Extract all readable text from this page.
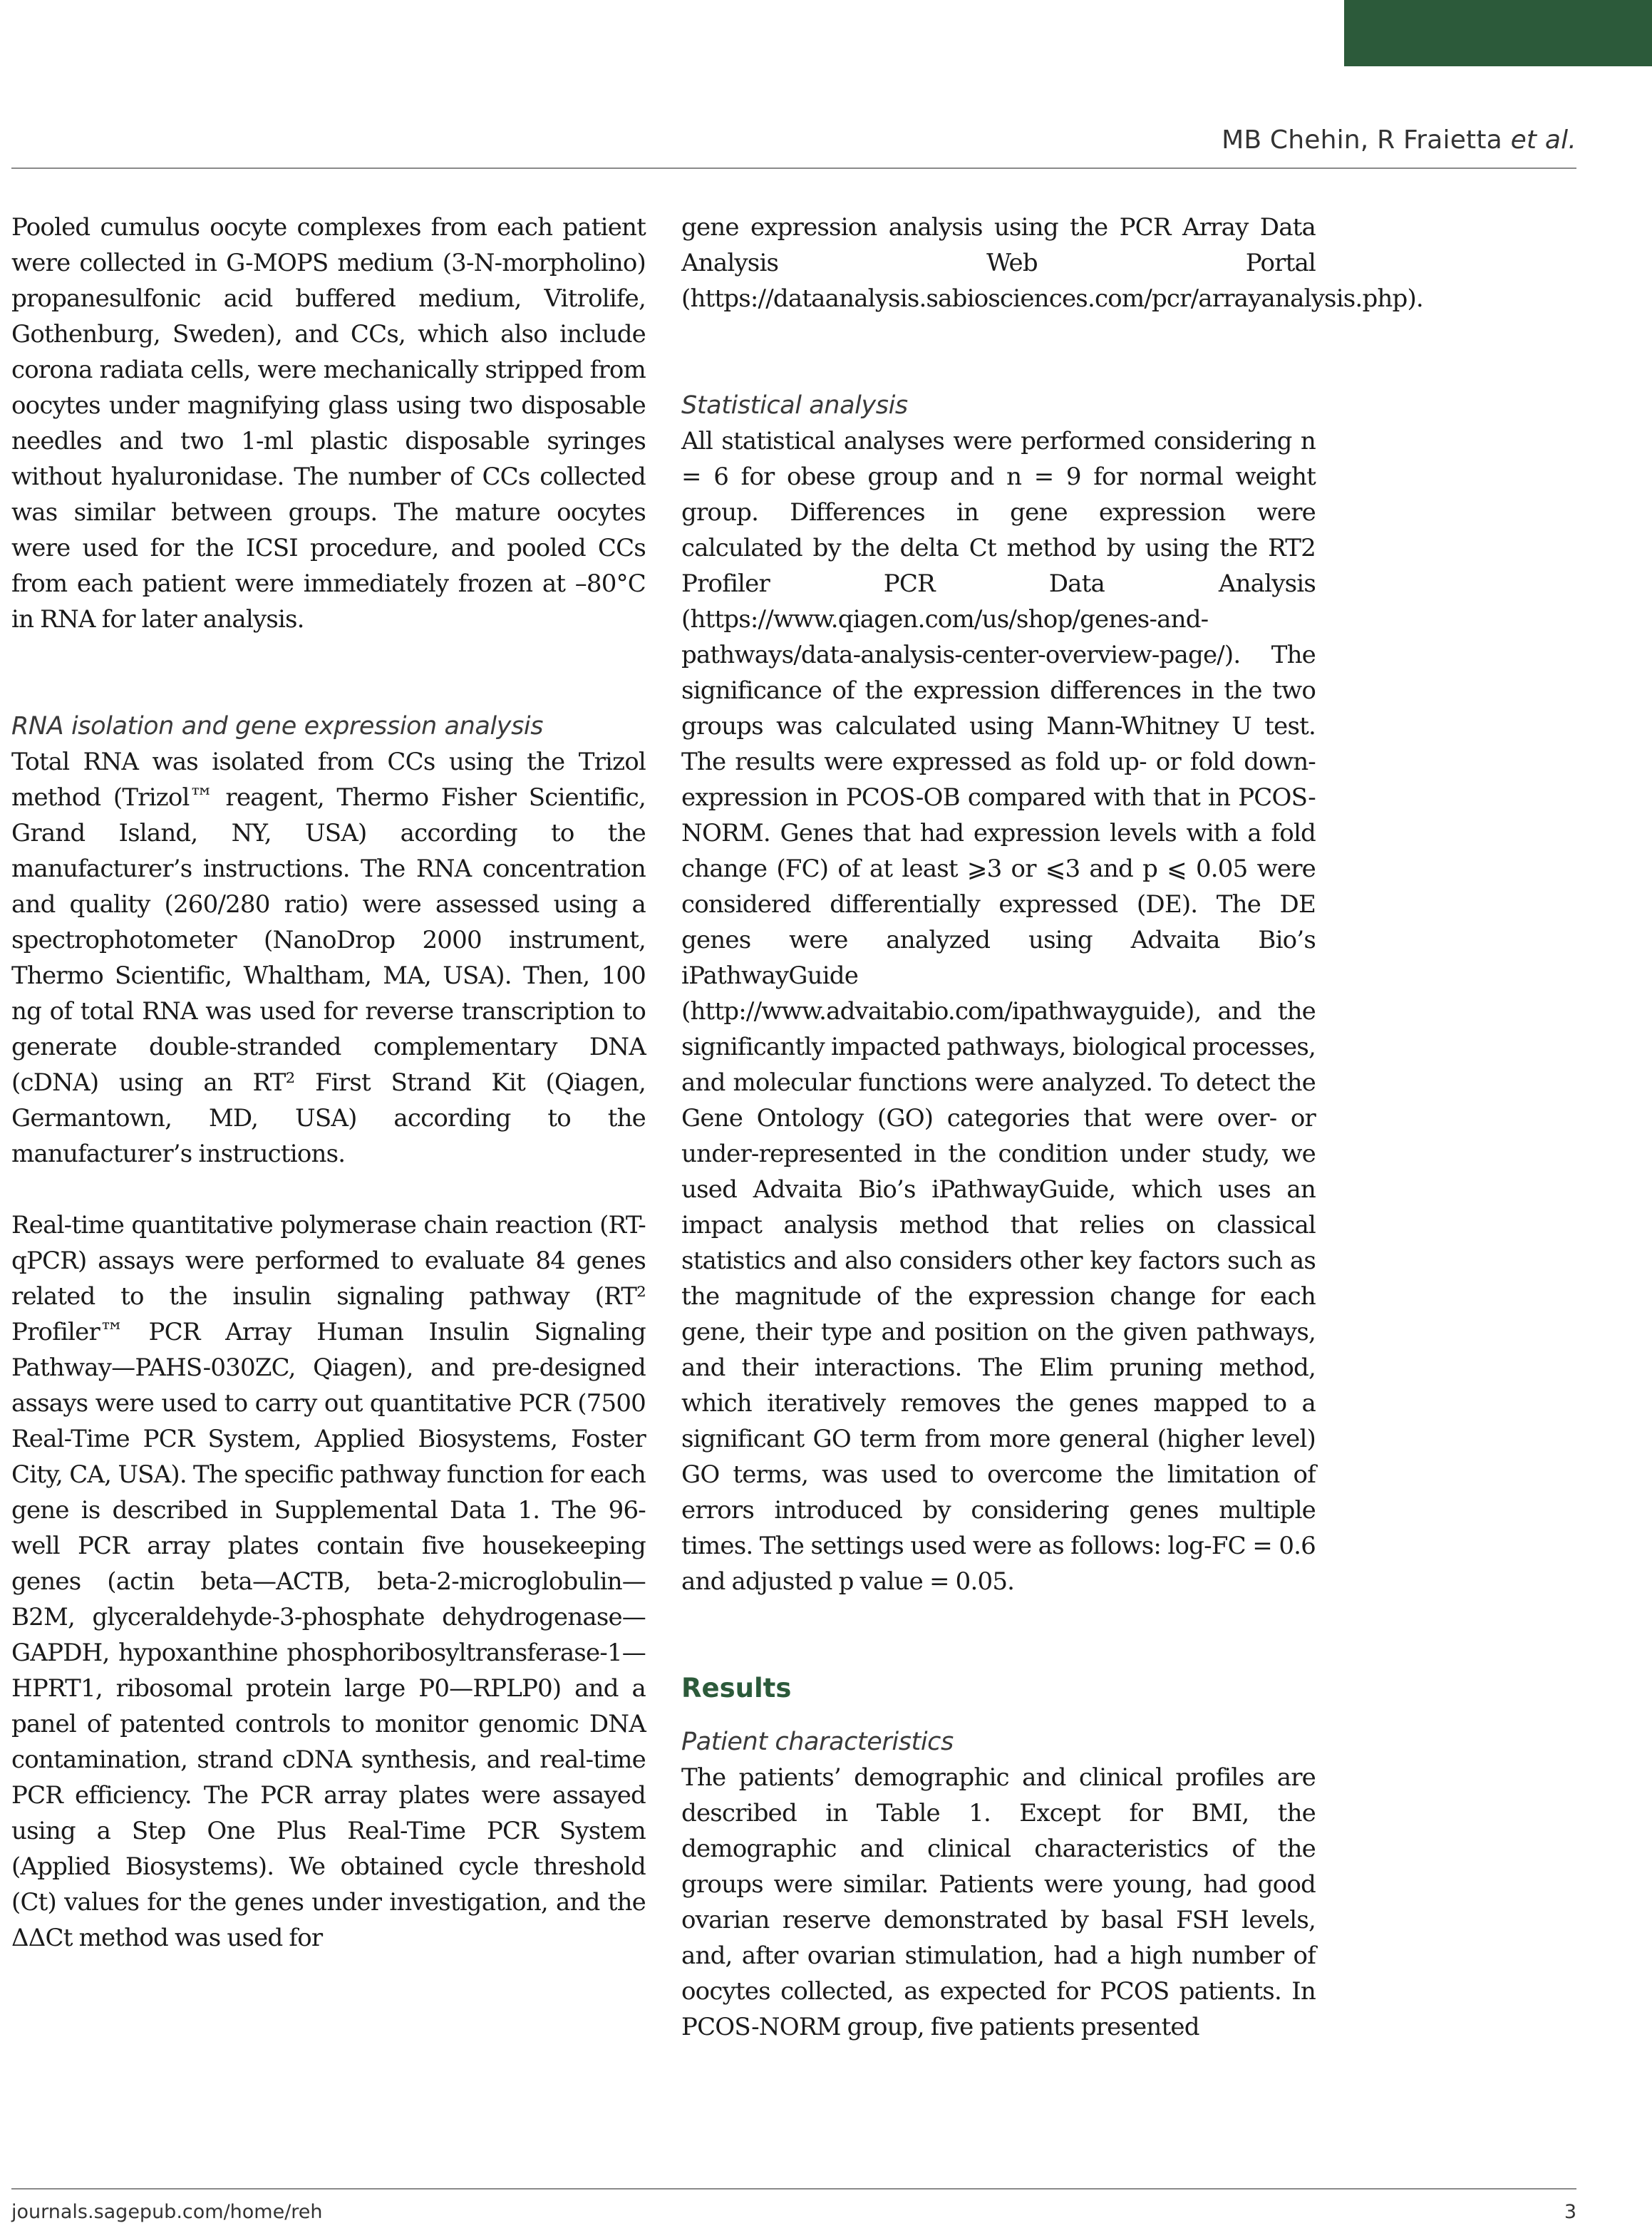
MB Chehin, R Fraietta et al.

Pooled cumulus oocyte complexes from each patient were collected in G-MOPS medium (3-N-morpholino) propanesulfonic acid buffered medium, Vitrolife, Gothenburg, Sweden), and CCs, which also include corona radiata cells, were mechanically stripped from oocytes under magnifying glass using two disposable needles and two 1-ml plastic disposable syringes without hyaluronidase. The number of CCs collected was similar between groups. The mature oocytes were used for the ICSI procedure, and pooled CCs from each patient were immediately frozen at –80°C in RNA for later analysis.

RNA isolation and gene expression analysis

Total RNA was isolated from CCs using the Trizol method (Trizol™ reagent, Thermo Fisher Scientific, Grand Island, NY, USA) according to the manufacturer’s instructions. The RNA concentration and quality (260/280 ratio) were assessed using a spectrophotometer (NanoDrop 2000 instrument, Thermo Scientific, Whaltham, MA, USA). Then, 100 ng of total RNA was used for reverse transcription to generate double-stranded complementary DNA (cDNA) using an RT² First Strand Kit (Qiagen, Germantown, MD, USA) according to the manufacturer’s instructions.

Real-time quantitative polymerase chain reaction (RT-qPCR) assays were performed to evaluate 84 genes related to the insulin signaling pathway (RT² Profiler™ PCR Array Human Insulin Signaling Pathway—PAHS-030ZC, Qiagen), and pre-designed assays were used to carry out quantitative PCR (7500 Real-Time PCR System, Applied Biosystems, Foster City, CA, USA). The specific pathway function for each gene is described in Supplemental Data 1. The 96-well PCR array plates contain five housekeeping genes (actin beta—ACTB, beta-2-microglobulin—B2M, glyceraldehyde-3-phosphate dehydrogenase—GAPDH, hypoxanthine phosphoribosyltransferase-1—HPRT1, ribosomal protein large P0—RPLP0) and a panel of patented controls to monitor genomic DNA contamination, strand cDNA synthesis, and real-time PCR efficiency. The PCR array plates were assayed using a Step One Plus Real-Time PCR System (Applied Biosystems). We obtained cycle threshold (Ct) values for the genes under investigation, and the ΔΔCt method was used for

gene expression analysis using the PCR Array Data Analysis Web Portal (https://dataanalysis.sabiosciences.com/pcr/arrayanalysis.php).

Statistical analysis

All statistical analyses were performed considering n = 6 for obese group and n = 9 for normal weight group. Differences in gene expression were calculated by the delta Ct method by using the RT2 Profiler PCR Data Analysis (https://www.qiagen.com/us/shop/genes-and-pathways/data-analysis-center-overview-page/). The significance of the expression differences in the two groups was calculated using Mann-Whitney U test. The results were expressed as fold up- or fold down-expression in PCOS-OB compared with that in PCOS-NORM. Genes that had expression levels with a fold change (FC) of at least ⩾3 or ⩽3 and p ⩽ 0.05 were considered differentially expressed (DE). The DE genes were analyzed using Advaita Bio’s iPathwayGuide (http://www.advaitabio.com/ipathwayguide), and the significantly impacted pathways, biological processes, and molecular functions were analyzed. To detect the Gene Ontology (GO) categories that were over- or under-represented in the condition under study, we used Advaita Bio’s iPathwayGuide, which uses an impact analysis method that relies on classical statistics and also considers other key factors such as the magnitude of the expression change for each gene, their type and position on the given pathways, and their interactions. The Elim pruning method, which iteratively removes the genes mapped to a significant GO term from more general (higher level) GO terms, was used to overcome the limitation of errors introduced by considering genes multiple times. The settings used were as follows: log-FC = 0.6 and adjusted p value = 0.05.

Results
Patient characteristics

The patients’ demographic and clinical profiles are described in Table 1. Except for BMI, the demographic and clinical characteristics of the groups were similar. Patients were young, had good ovarian reserve demonstrated by basal FSH levels, and, after ovarian stimulation, had a high number of oocytes collected, as expected for PCOS patients. In PCOS-NORM group, five patients presented

journals.sagepub.com/home/reh	3
